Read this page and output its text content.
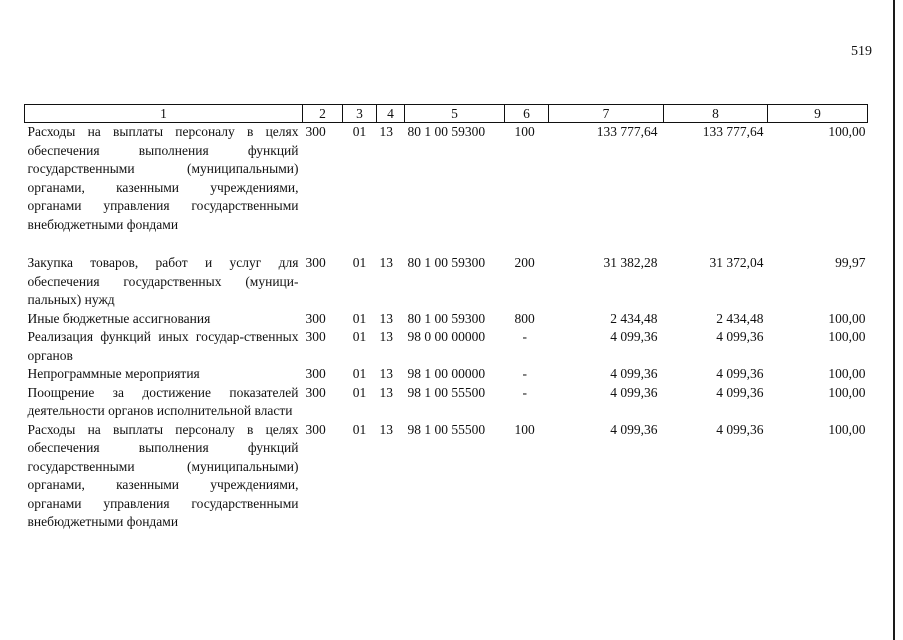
519
1	2	3	4	5	6	7	8	9
Расходы на выплаты персоналу в целях обеспечения выполнения функций государственными (муниципальными) органами, казенными учреждениями, органами управления государственными внебюджетными фондами	300	01	13	80 1 00 59300	100	133 777,64	133 777,64	100,00

Закупка товаров, работ и услуг для обеспечения государственных (муници-пальных) нужд	300	01	13	80 1 00 59300	200	31 382,28	31 372,04	99,97
Иные бюджетные ассигнования	300	01	13	80 1 00 59300	800	2 434,48	2 434,48	100,00
Реализация функций иных государ-ственных органов	300	01	13	98 0 00 00000	-	4 099,36	4 099,36	100,00
Непрограммные мероприятия	300	01	13	98 1 00 00000	-	4 099,36	4 099,36	100,00
Поощрение за достижение показателей деятельности органов исполнительной власти	300	01	13	98 1 00 55500	-	4 099,36	4 099,36	100,00
Расходы на выплаты персоналу в целях обеспечения выполнения функций государственными (муниципальными) органами, казенными учреждениями, органами управления государственными внебюджетными фондами	300	01	13	98 1 00 55500	100	4 099,36	4 099,36	100,00
